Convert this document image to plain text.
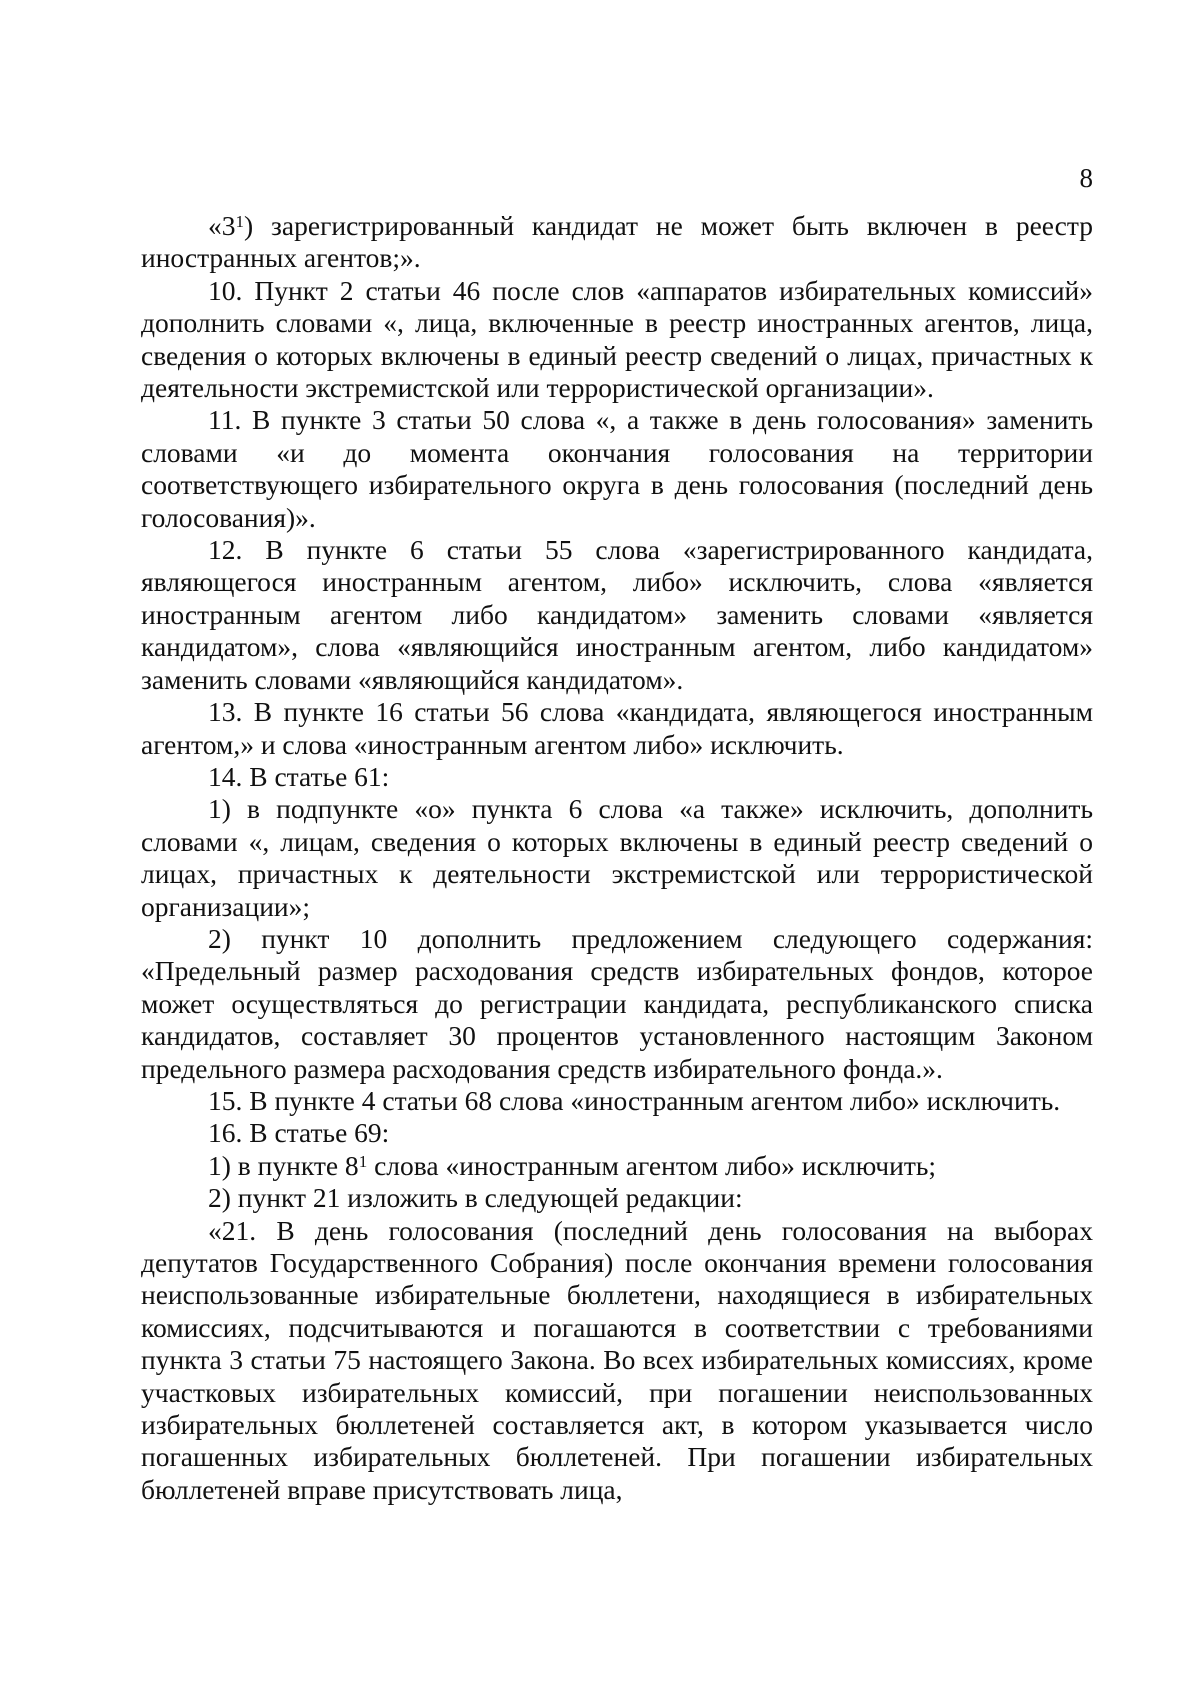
8

«$3^1$) зарегистрированный кандидат не может быть включен в реестр иностранных агентов;».

10. Пункт 2 статьи 46 после слов «аппаратов избирательных комиссий» дополнить словами «, лица, включенные в реестр иностранных агентов, лица, сведения о которых включены в единый реестр сведений о лицах, причастных к деятельности экстремистской или террористической организации».

11. В пункте 3 статьи 50 слова «, а также в день голосования» заменить словами «и до момента окончания голосования на территории соответствующего избирательного округа в день голосования (последний день голосования)».

12. В пункте 6 статьи 55 слова «зарегистрированного кандидата, являющегося иностранным агентом, либо» исключить, слова «является иностранным агентом либо кандидатом» заменить словами «является кандидатом», слова «являющийся иностранным агентом, либо кандидатом» заменить словами «являющийся кандидатом».

13. В пункте 16 статьи 56 слова «кандидата, являющегося иностранным агентом,» и слова «иностранным агентом либо» исключить.

14. В статье 61:

1) в подпункте «о» пункта 6 слова «а также» исключить, дополнить словами «, лицам, сведения о которых включены в единый реестр сведений о лицах, причастных к деятельности экстремистской или террористической организации»;

2) пункт 10 дополнить предложением следующего содержания: «Предельный размер расходования средств избирательных фондов, которое может осуществляться до регистрации кандидата, республиканского списка кандидатов, составляет 30 процентов установленного настоящим Законом предельного размера расходования средств избирательного фонда.».

15. В пункте 4 статьи 68 слова «иностранным агентом либо» исключить.

16. В статье 69:

1) в пункте $8^1$ слова «иностранным агентом либо» исключить;

2) пункт 21 изложить в следующей редакции:

«21. В день голосования (последний день голосования на выборах депутатов Государственного Собрания) после окончания времени голосования неиспользованные избирательные бюллетени, находящиеся в избирательных комиссиях, подсчитываются и погашаются в соответствии с требованиями пункта 3 статьи 75 настоящего Закона. Во всех избирательных комиссиях, кроме участковых избирательных комиссий, при погашении неиспользованных избирательных бюллетеней составляется акт, в котором указывается число погашенных избирательных бюллетеней. При погашении избирательных бюллетеней вправе присутствовать лица,
